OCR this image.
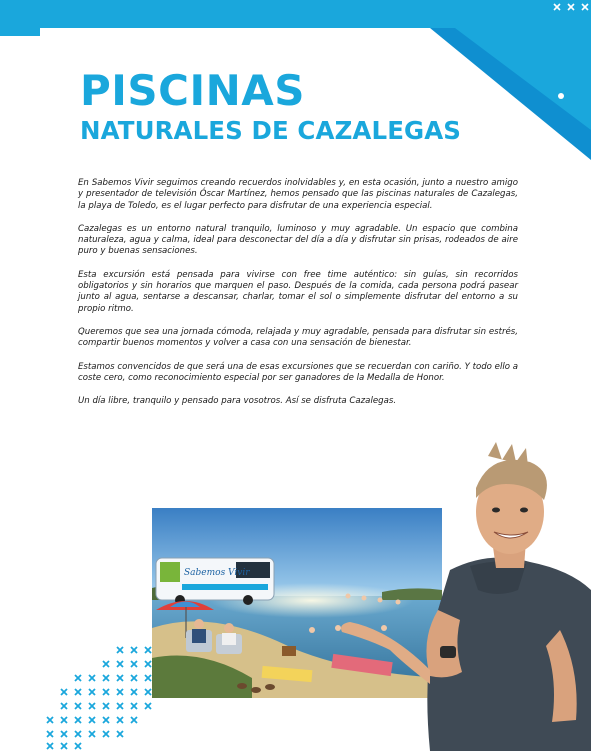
PISCINAS
NATURALES DE CAZALEGAS

En Sabemos Vivir seguimos creando recuerdos inolvidables y, en esta ocasión, junto a nuestro amigo y presentador de televisión Óscar Martínez, hemos pensado que las piscinas naturales de Cazalegas, la playa de Toledo, es el lugar perfecto para disfrutar de una experiencia especial.

Cazalegas es un entorno natural tranquilo, luminoso y muy agradable. Un espacio que combina naturaleza, agua y calma, ideal para desconectar del día a día y disfrutar sin prisas, rodeados de aire puro y buenas sensaciones.

Esta excursión está pensada para vivirse con free time auténtico: sin guías, sin recorridos obligatorios y sin horarios que marquen el paso. Después de la comida, cada persona podrá pasear junto al agua, sentarse a descansar, charlar, tomar el sol o simplemente disfrutar del entorno a su propio ritmo.

Queremos que sea una jornada cómoda, relajada y muy agradable, pensada para disfrutar sin estrés, compartir buenos momentos y volver a casa con una sensación de bienestar.

Estamos convencidos de que será una de esas excursiones que se recuerdan con cariño. Y todo ello a coste cero, como reconocimiento especial por ser ganadores de la Medalla de Honor.

Un día libre, tranquilo y pensado para vosotros. Así se disfruta Cazalegas.

Sabemos Vivir
